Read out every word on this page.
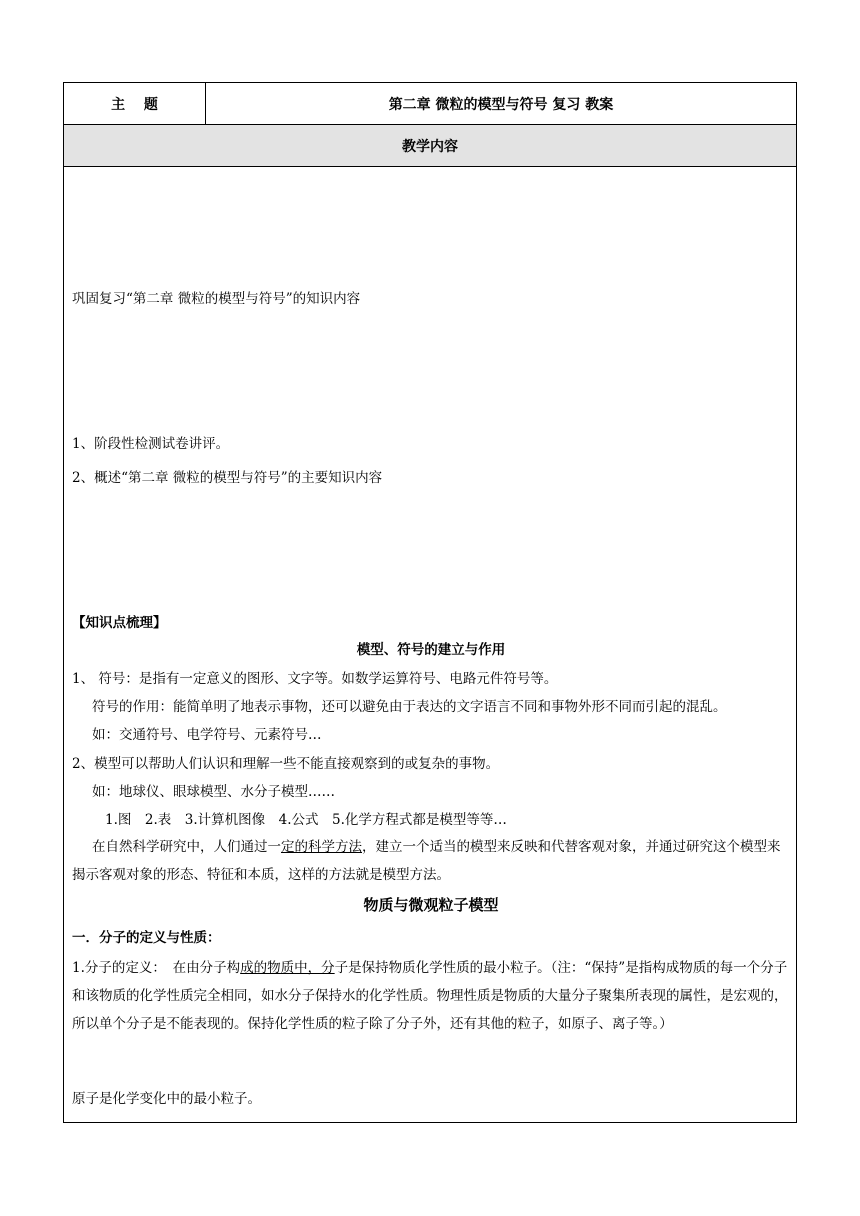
主　 题	第二章 微粒的模型与符号 复习 教案
教学内容

巩固复习“第二章 微粒的模型与符号”的知识内容
1、阶段性检测试卷讲评。
2、概述“第二章 微粒的模型与符号”的主要知识内容
【知识点梳理】
模型、符号的建立与作用
1、 符号：是指有一定意义的图形、文字等。如数学运算符号、电路元件符号等。
符号的作用：能简单明了地表示事物，还可以避免由于表达的文字语言不同和事物外形不同而引起的混乱。
如：交通符号、电学符号、元素符号…
2、模型可以帮助人们认识和理解一些不能直接观察到的或复杂的事物。
如：地球仪、眼球模型、水分子模型……
1.图　2.表　3.计算机图像　4.公式　5.化学方程式都是模型等等…
在自然科学研究中，人们通过一定的科学方法，建立一个适当的模型来反映和代替客观对象，并通过研究这个模型来揭示客观对象的形态、特征和本质，这样的方法就是模型方法。
物质与微观粒子模型
一．分子的定义与性质：
1.分子的定义：　在由分子构成的物质中，分子是保持物质化学性质的最小粒子。（注：“保持”是指构成物质的每一个分子和该物质的化学性质完全相同，如水分子保持水的化学性质。物理性质是物质的大量分子聚集所表现的属性，是宏观的，所以单个分子是不能表现的。保持化学性质的粒子除了分子外，还有其他的粒子，如原子、离子等。）
原子是化学变化中的最小粒子。
